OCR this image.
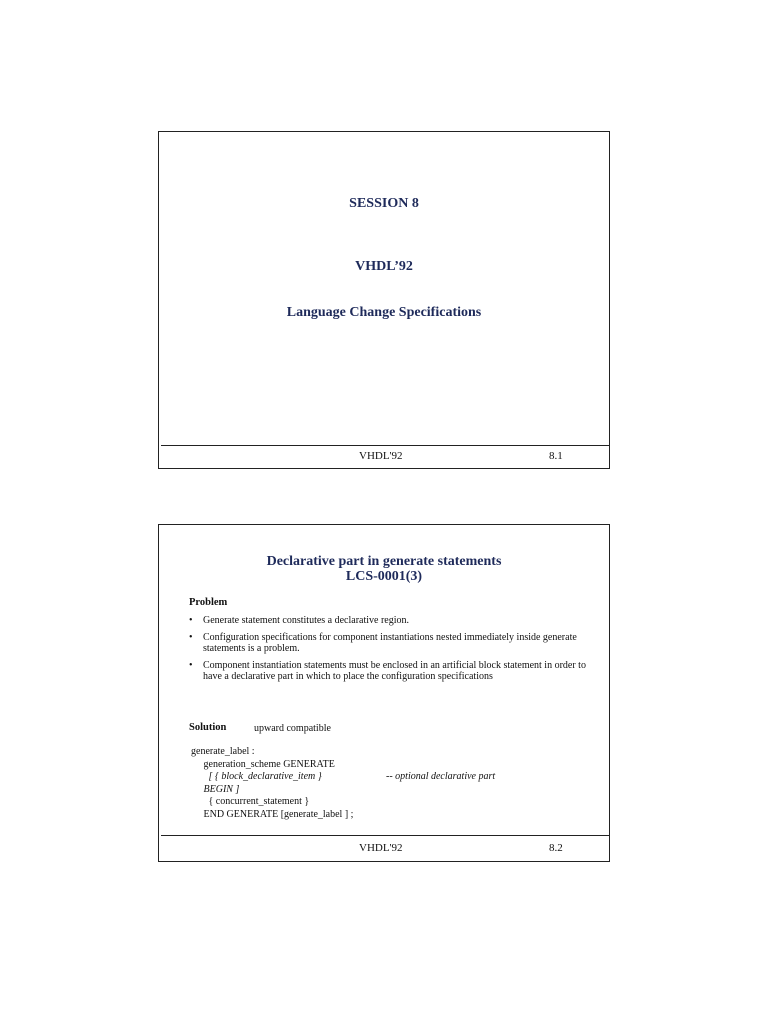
SESSION 8
VHDL’92
Language Change Specifications
VHDL'92	8.1
Declarative part in generate statements
LCS-0001(3)
Problem
• Generate statement constitutes a declarative region.
• Configuration specifications for component instantiations nested immediately inside generate statements is a problem.
• Component instantiation statements must be enclosed in an artificial block statement in order to have a declarative part in which to place the configuration specifications
Solution	upward compatible
generate_label :
generation_scheme GENERATE
[ { block_declarative_item }
BEGIN ]
{ concurrent_statement }
END GENERATE [generate_label ] ;
-- optional declarative part
VHDL'92	8.2
